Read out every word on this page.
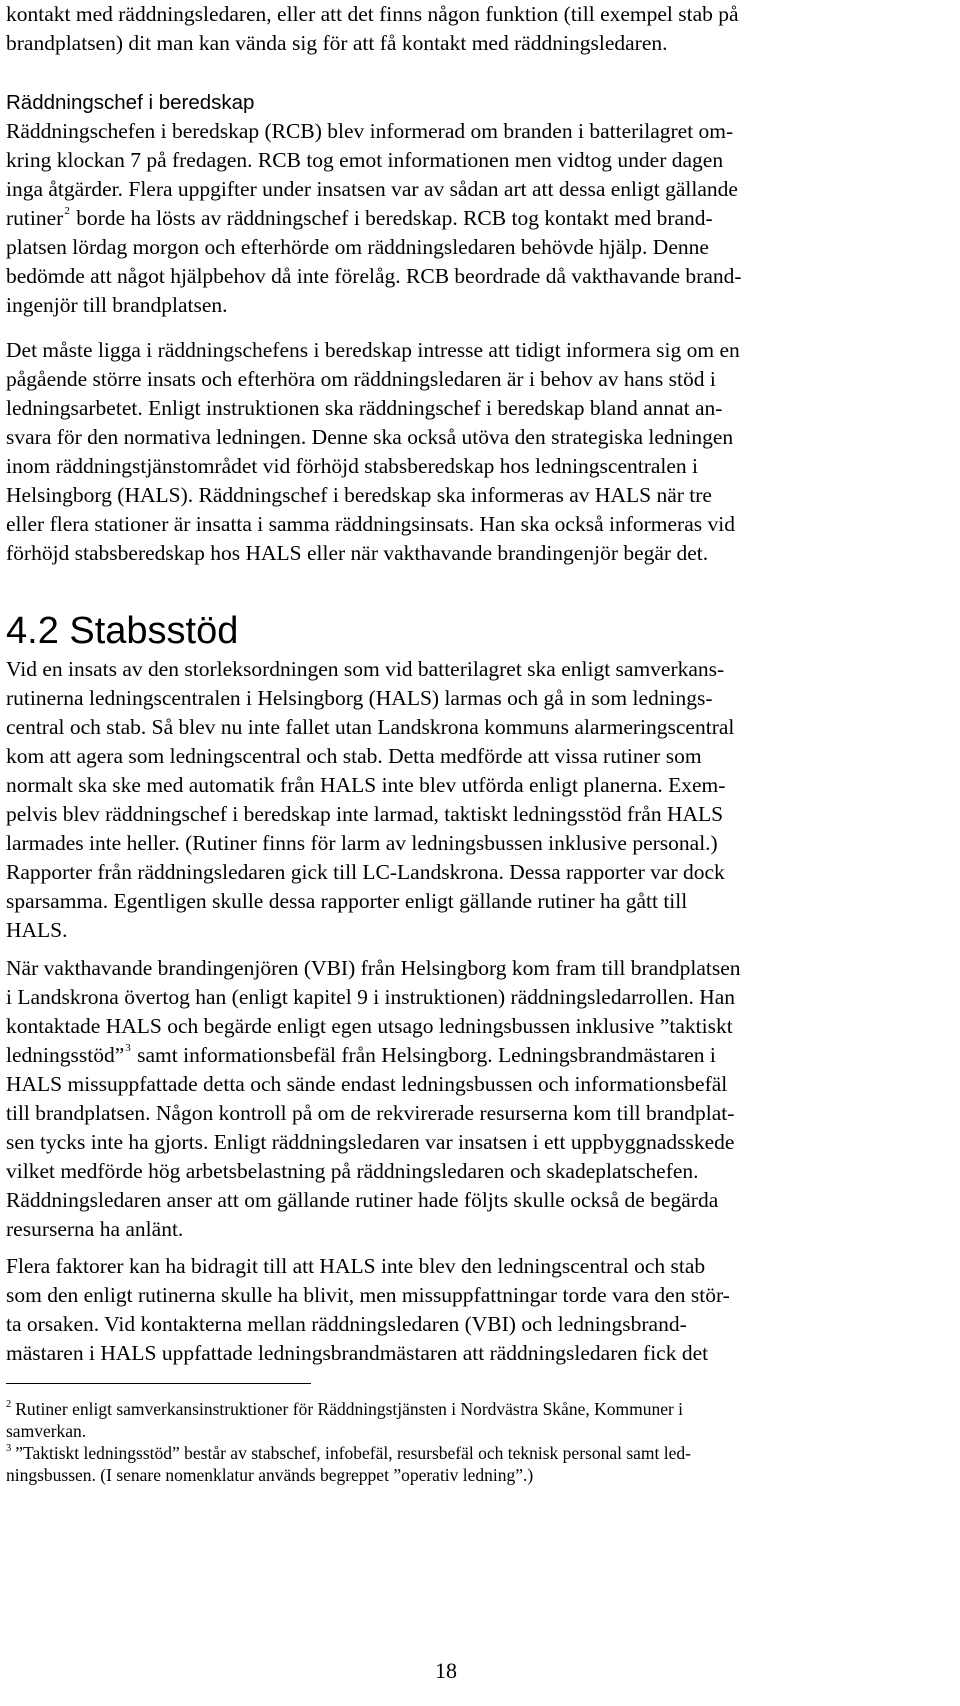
kontakt med räddningsledaren, eller att det finns någon funktion (till exempel stab på
brandplatsen) dit man kan vända sig för att få kontakt med räddningsledaren.
Räddningschef i beredskap
Räddningschefen i beredskap (RCB) blev informerad om branden i batterilagret om-
kring klockan 7 på fredagen. RCB tog emot informationen men vidtog under dagen
inga åtgärder. Flera uppgifter under insatsen var av sådan art att dessa enligt gällande
rutiner$^2$ borde ha lösts av räddningschef i beredskap. RCB tog kontakt med brand-
platsen lördag morgon och efterhörde om räddningsledaren behövde hjälp. Denne
bedömde att något hjälpbehov då inte förelåg. RCB beordrade då vakthavande brand-
ingenjör till brandplatsen.
Det måste ligga i räddningschefens i beredskap intresse att tidigt informera sig om en
pågående större insats och efterhöra om räddningsledaren är i behov av hans stöd i
ledningsarbetet. Enligt instruktionen ska räddningschef i beredskap bland annat an-
svara för den normativa ledningen. Denne ska också utöva den strategiska ledningen
inom räddningstjänstområdet vid förhöjd stabsberedskap hos ledningscentralen i
Helsingborg (HALS). Räddningschef i beredskap ska informeras av HALS när tre
eller flera stationer är insatta i samma räddningsinsats. Han ska också informeras vid
förhöjd stabsberedskap hos HALS eller när vakthavande brandingenjör begär det.
4.2 Stabsstöd
Vid en insats av den storleksordningen som vid batterilagret ska enligt samverkans-
rutinerna ledningscentralen i Helsingborg (HALS) larmas och gå in som lednings-
central och stab. Så blev nu inte fallet utan Landskrona kommuns alarmeringscentral
kom att agera som ledningscentral och stab. Detta medförde att vissa rutiner som
normalt ska ske med automatik från HALS inte blev utförda enligt planerna. Exem-
pelvis blev räddningschef i beredskap inte larmad, taktiskt ledningsstöd från HALS
larmades inte heller. (Rutiner finns för larm av ledningsbussen inklusive personal.)
Rapporter från räddningsledaren gick till LC-Landskrona. Dessa rapporter var dock
sparsamma. Egentligen skulle dessa rapporter enligt gällande rutiner ha gått till
HALS.
När vakthavande brandingenjören (VBI) från Helsingborg kom fram till brandplatsen
i Landskrona övertog han (enligt kapitel 9 i instruktionen) räddningsledarrollen. Han
kontaktade HALS och begärde enligt egen utsago ledningsbussen inklusive ”taktiskt
ledningsstöd”$^3$ samt informationsbefäl från Helsingborg. Ledningsbrandmästaren i
HALS missuppfattade detta och sände endast ledningsbussen och informationsbefäl
till brandplatsen. Någon kontroll på om de rekvirerade resurserna kom till brandplat-
sen tycks inte ha gjorts. Enligt räddningsledaren var insatsen i ett uppbyggnadsskede
vilket medförde hög arbetsbelastning på räddningsledaren och skadeplatschefen.
Räddningsledaren anser att om gällande rutiner hade följts skulle också de begärda
resurserna ha anlänt.
Flera faktorer kan ha bidragit till att HALS inte blev den ledningscentral och stab
som den enligt rutinerna skulle ha blivit, men missuppfattningar torde vara den stör-
ta orsaken. Vid kontakterna mellan räddningsledaren (VBI) och ledningsbrand-
mästaren i HALS uppfattade ledningsbrandmästaren att räddningsledaren fick det
$^2$ Rutiner enligt samverkansinstruktioner för Räddningstjänsten i Nordvästra Skåne, Kommuner i
samverkan.
$^3$ ”Taktiskt ledningsstöd” består av stabschef, infobefäl, resursbefäl och teknisk personal samt led-
ningsbussen. (I senare nomenklatur används begreppet ”operativ ledning”.)
18
